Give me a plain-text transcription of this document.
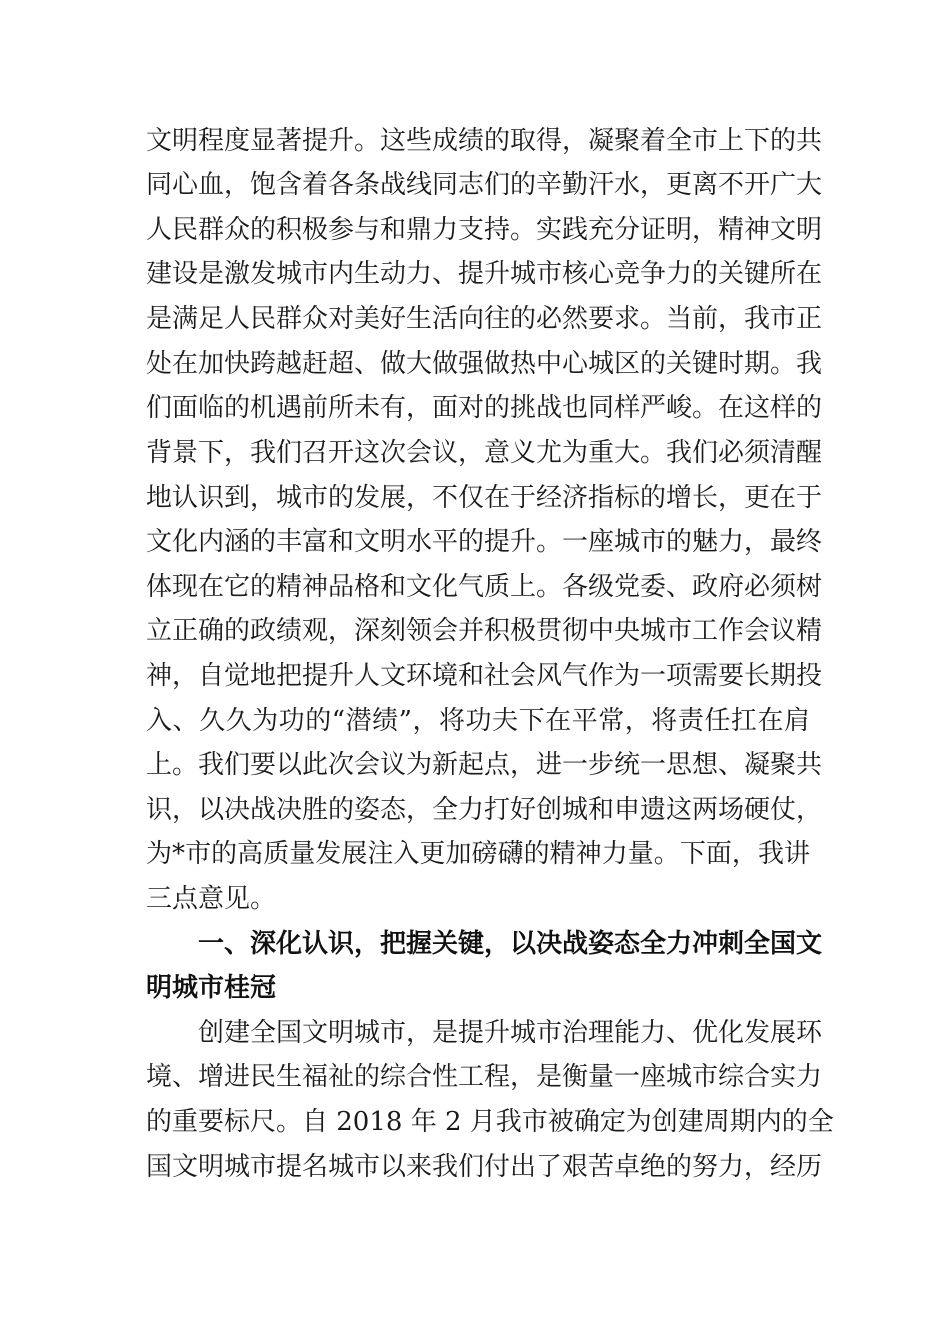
文明程度显著提升。这些成绩的取得，凝聚着全市上下的共
同心血，饱含着各条战线同志们的辛勤汗水，更离不开广大
人民群众的积极参与和鼎力支持。实践充分证明，精神文明
建设是激发城市内生动力、提升城市核心竞争力的关键所在
是满足人民群众对美好生活向往的必然要求。当前，我市正
处在加快跨越赶超、做大做强做热中心城区的关键时期。我
们面临的机遇前所未有，面对的挑战也同样严峻。在这样的
背景下，我们召开这次会议，意义尤为重大。我们必须清醒
地认识到，城市的发展，不仅在于经济指标的增长，更在于
文化内涵的丰富和文明水平的提升。一座城市的魅力，最终
体现在它的精神品格和文化气质上。各级党委、政府必须树
立正确的政绩观，深刻领会并积极贯彻中央城市工作会议精
神，自觉地把提升人文环境和社会风气作为一项需要长期投
入、久久为功的“潜绩”，将功夫下在平常，将责任扛在肩
上。我们要以此次会议为新起点，进一步统一思想、凝聚共
识，以决战决胜的姿态，全力打好创城和申遗这两场硬仗，
为*市的高质量发展注入更加磅礴的精神力量。下面，我讲
三点意见。
一、深化认识，把握关键，以决战姿态全力冲刺全国文
明城市桂冠
创建全国文明城市，是提升城市治理能力、优化发展环
境、增进民生福祉的综合性工程，是衡量一座城市综合实力
的重要标尺。自 2018 年 2 月我市被确定为创建周期内的全
国文明城市提名城市以来我们付出了艰苦卓绝的努力，经历
